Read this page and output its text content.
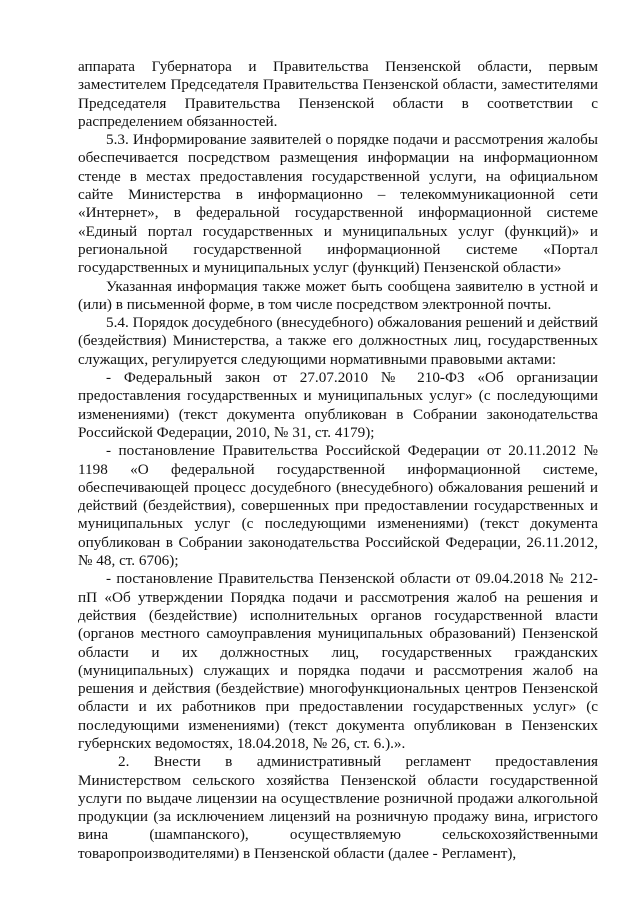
аппарата Губернатора и Правительства Пензенской области, первым заместителем Председателя Правительства Пензенской области, заместителями Председателя Правительства Пензенской области в соответствии с распределением обязанностей.

5.3. Информирование заявителей о порядке подачи и рассмотрения жалобы обеспечивается посредством размещения информации на информационном стенде в местах предоставления государственной услуги, на официальном сайте Министерства в информационно – телекоммуникационной сети «Интернет», в федеральной государственной информационной системе «Единый портал государственных и муниципальных услуг (функций)» и региональной государственной информационной системе «Портал государственных и муниципальных услуг (функций) Пензенской области»

Указанная информация также может быть сообщена заявителю в устной и (или) в письменной форме, в том числе посредством электронной почты.

5.4. Порядок досудебного (внесудебного) обжалования решений и действий (бездействия) Министерства, а также его должностных лиц, государственных служащих, регулируется следующими нормативными правовыми актами:

- Федеральный закон от 27.07.2010 № 210-ФЗ «Об организации предоставления государственных и муниципальных услуг» (с последующими изменениями) (текст документа опубликован в Собрании законодательства Российской Федерации, 2010, № 31, ст. 4179);

- постановление Правительства Российской Федерации от 20.11.2012 № 1198 «О федеральной государственной информационной системе, обеспечивающей процесс досудебного (внесудебного) обжалования решений и действий (бездействия), совершенных при предоставлении государственных и муниципальных услуг (с последующими изменениями) (текст документа опубликован в Собрании законодательства Российской Федерации, 26.11.2012, № 48, ст. 6706);

- постановление Правительства Пензенской области от 09.04.2018 № 212-пП «Об утверждении Порядка подачи и рассмотрения жалоб на решения и действия (бездействие) исполнительных органов государственной власти (органов местного самоуправления муниципальных образований) Пензенской области и их должностных лиц, государственных гражданских (муниципальных) служащих и порядка подачи и рассмотрения жалоб на решения и действия (бездействие) многофункциональных центров Пензенской области и их работников при предоставлении государственных услуг» (с последующими изменениями) (текст документа опубликован в Пензенских губернских ведомостях, 18.04.2018, № 26, ст. 6.).».

2. Внести в административный регламент предоставления Министерством сельского хозяйства Пензенской области государственной услуги по выдаче лицензии на осуществление розничной продажи алкогольной продукции (за исключением лицензий на розничную продажу вина, игристого вина (шампанского), осуществляемую сельскохозяйственными товаропроизводителями) в Пензенской области (далее - Регламент),
